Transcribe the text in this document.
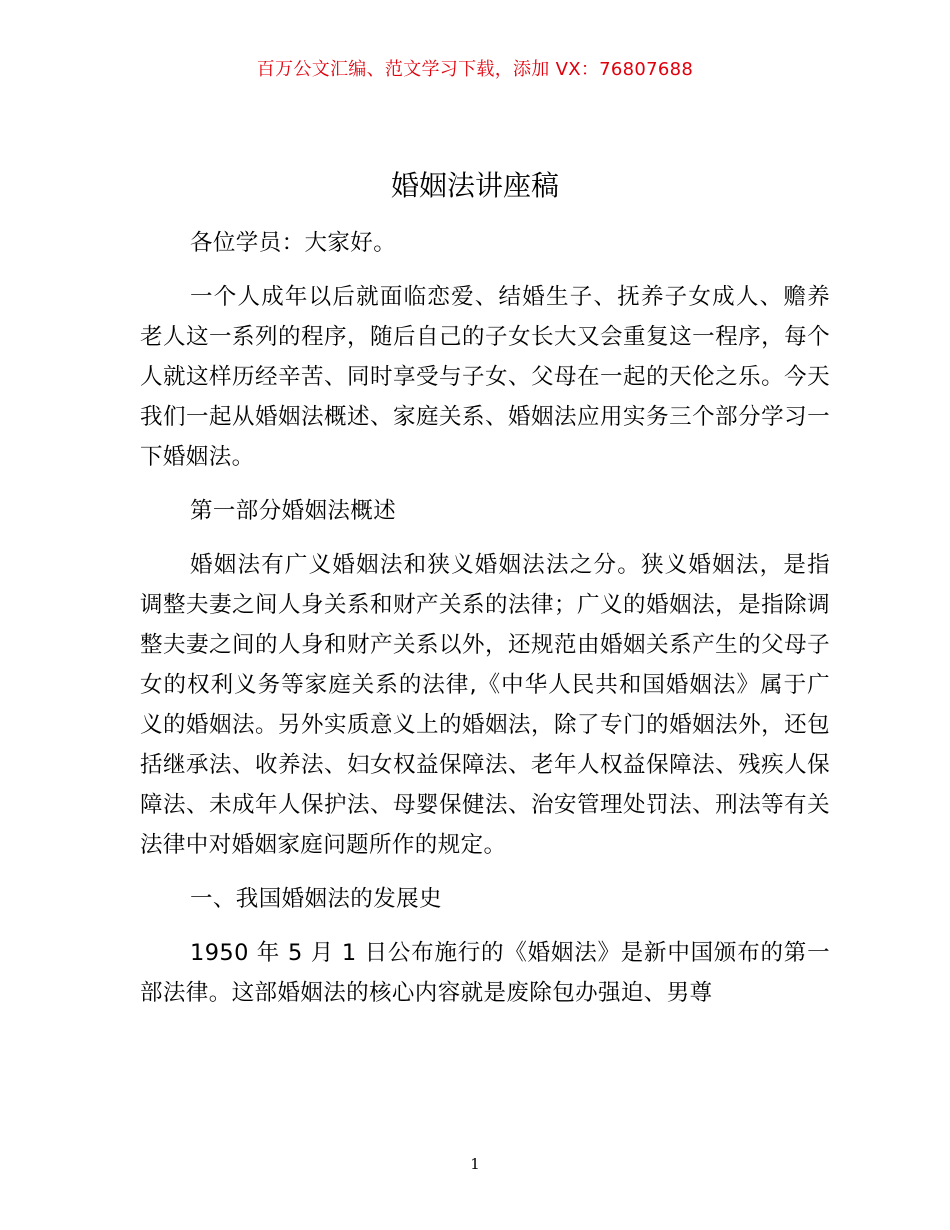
百万公文汇编、范文学习下载，添加 VX：76807688
婚姻法讲座稿

各位学员：大家好。

一个人成年以后就面临恋爱、结婚生子、抚养子女成人、赡养老人这一系列的程序，随后自己的子女长大又会重复这一程序，每个人就这样历经辛苦、同时享受与子女、父母在一起的天伦之乐。今天我们一起从婚姻法概述、家庭关系、婚姻法应用实务三个部分学习一下婚姻法。

第一部分婚姻法概述

婚姻法有广义婚姻法和狭义婚姻法法之分。狭义婚姻法，是指调整夫妻之间人身关系和财产关系的法律；广义的婚姻法，是指除调整夫妻之间的人身和财产关系以外，还规范由婚姻关系产生的父母子女的权利义务等家庭关系的法律,《中华人民共和国婚姻法》属于广义的婚姻法。另外实质意义上的婚姻法，除了专门的婚姻法外，还包括继承法、收养法、妇女权益保障法、老年人权益保障法、残疾人保障法、未成年人保护法、母婴保健法、治安管理处罚法、刑法等有关法律中对婚姻家庭问题所作的规定。

一、我国婚姻法的发展史

1950 年 5 月 1 日公布施行的《婚姻法》是新中国颁布的第一部法律。这部婚姻法的核心内容就是废除包办强迫、男尊

1
